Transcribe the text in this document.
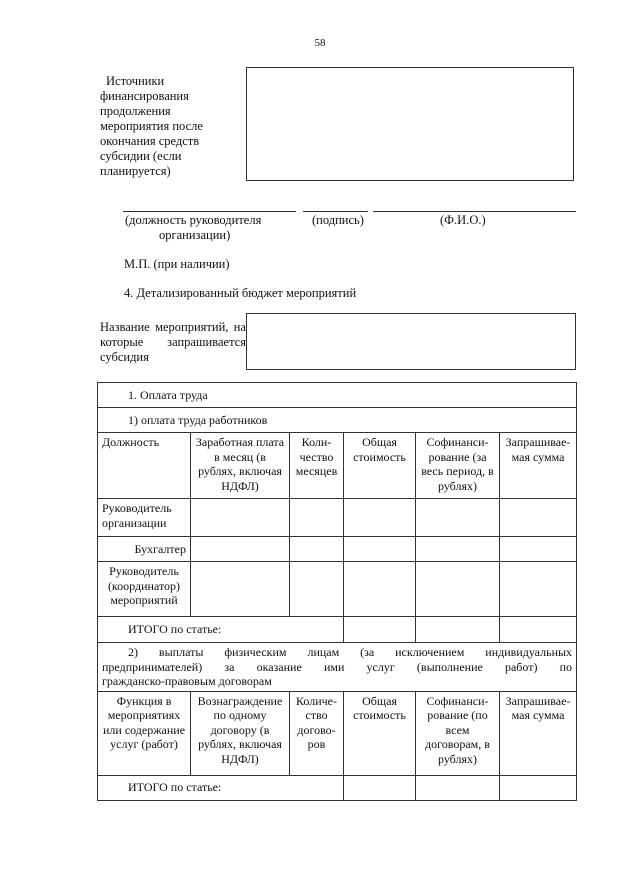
58
Источники
финансирования
продолжения
мероприятия после
окончания средств
субсидии (если
планируется)
(должность руководителя
организации)
(подпись)	(Ф.И.О.)
М.П. (при наличии)
4. Детализированный бюджет мероприятий
Название мероприятий, на
которые запрашивается
субсидия
1. Оплата труда					
1) оплата труда работников					
Должность	Заработная плата в месяц (в рублях, включая НДФЛ)	Коли-чество месяцев	Общая стоимость	Софинанси-рование (за весь период, в рублях)	Запрашивае-мая сумма
Руководитель организации					
Бухгалтер					
Руководитель (координатор) мероприятий					
ИТОГО по статье:					

2) выплаты физическим лицам (за исключением индивидуальных
предпринимателей) за оказание ими услуг (выполнение работ) по
гражданско-правовым договорам					

Функция в мероприятиях или содержание услуг (работ)	Вознаграждение по одному договору (в рублях, включая НДФЛ)	Количе-ство догово-ров	Общая стоимость	Софинанси-рование (по всем договорам, в рублях)	Запрашивае-мая сумма
ИТОГО по статье:					
